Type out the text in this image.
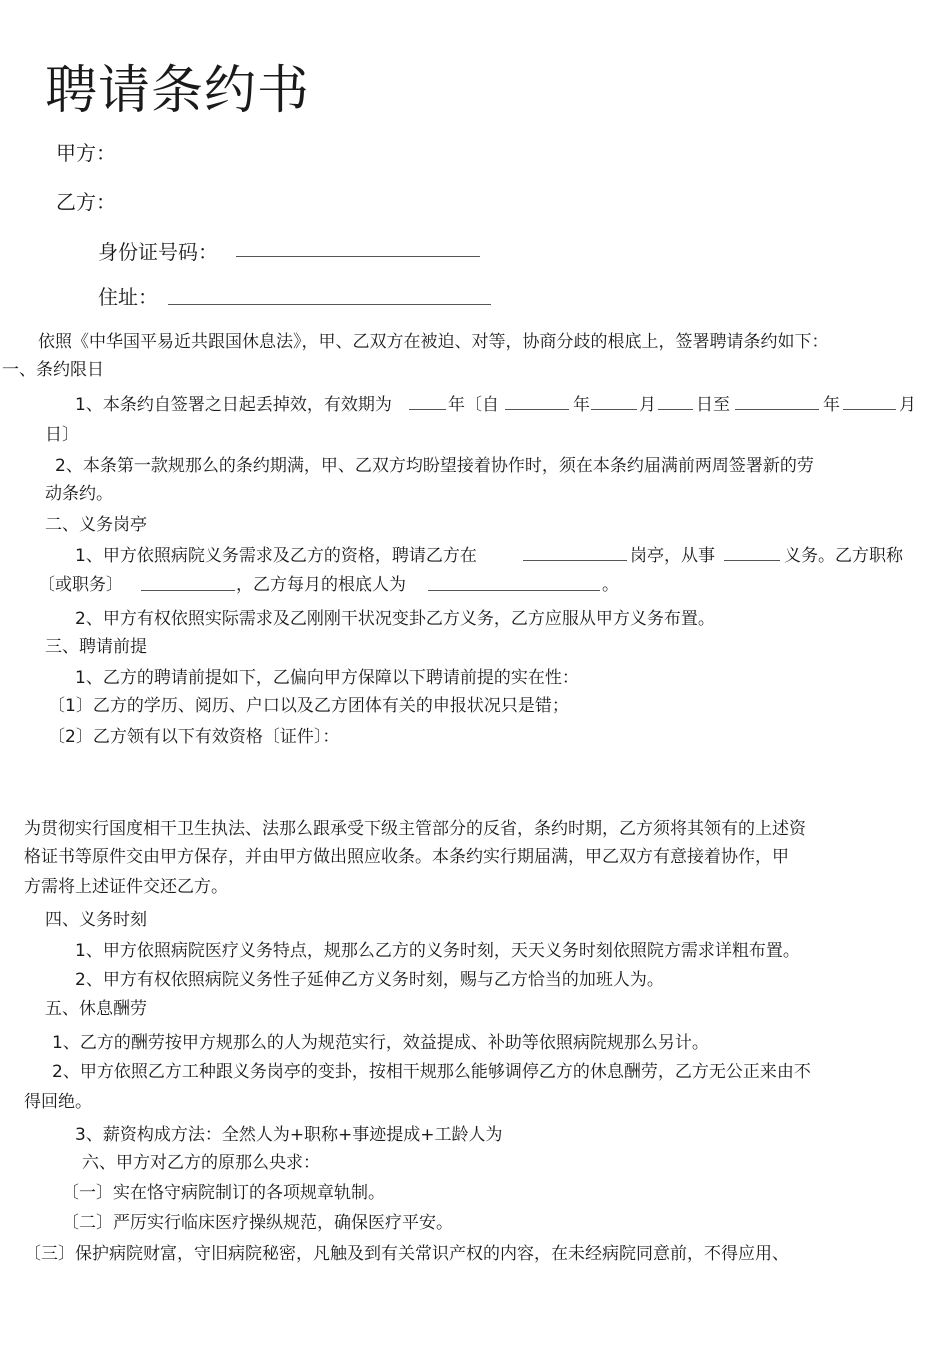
聘请条约书

甲方：

乙方：

身份证号码：

住址：

依照《中华国平易近共跟国休息法》，甲、乙双方在被迫、对等，协商分歧的根底上，签署聘请条约如下：

一、条约限日

1、本条约自签署之日起丢掉效，有效期为	年〔自	年	月 日至	年	月

日〕

2、本条第一款规那么的条约期满，甲、乙双方均盼望接着协作时，须在本条约届满前两周签署新的劳

动条约。

二、义务岗亭

1、甲方依照病院义务需求及乙方的资格，聘请乙方在	岗亭，从事	义务。乙方职称

〔或职务〕	，乙方每月的根底人为	。

2、甲方有权依照实际需求及乙刚刚干状况变卦乙方义务，乙方应服从甲方义务布置。

三、聘请前提

1、乙方的聘请前提如下，乙偏向甲方保障以下聘请前提的实在性：

〔1〕乙方的学历、阅历、户口以及乙方团体有关的申报状况只是错；

〔2〕乙方领有以下有效资格〔证件〕：

为贯彻实行国度相干卫生执法、法那么跟承受下级主管部分的反省，条约时期，乙方须将其领有的上述资

格证书等原件交由甲方保存，并由甲方做出照应收条。本条约实行期届满，甲乙双方有意接着协作，甲

方需将上述证件交还乙方。

四、义务时刻

1、甲方依照病院医疗义务特点，规那么乙方的义务时刻，天天义务时刻依照院方需求详粗布置。

2、甲方有权依照病院义务性子延伸乙方义务时刻，赐与乙方恰当的加班人为。

五、休息酬劳

1、乙方的酬劳按甲方规那么的人为规范实行，效益提成、补助等依照病院规那么另计。

2、甲方依照乙方工种跟义务岗亭的变卦，按相干规那么能够调停乙方的休息酬劳，乙方无公正来由不

得回绝。

3、薪资构成方法：全然人为+职称+事迹提成+工龄人为

六、甲方对乙方的原那么央求：

〔一〕实在恪守病院制订的各项规章轨制。

〔二〕严厉实行临床医疗操纵规范，确保医疗平安。

〔三〕保护病院财富，守旧病院秘密，凡触及到有关常识产权的内容，在未经病院同意前，不得应用、
